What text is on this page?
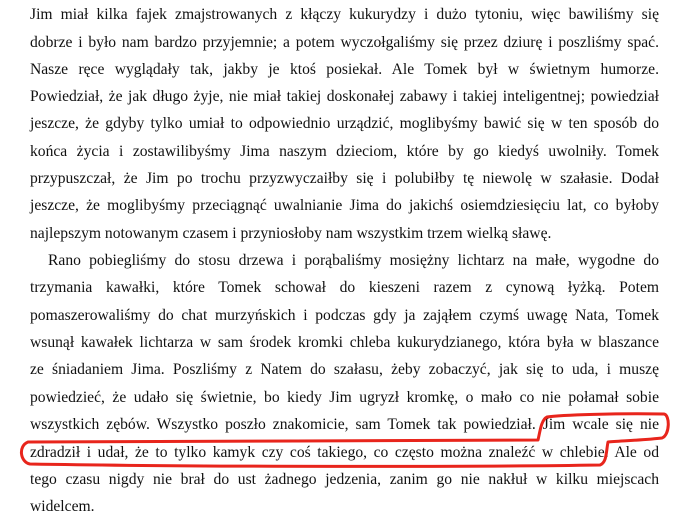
Jim miał kilka fajek zmajstrowanych z kłączy kukurydzy i dużo tytoniu, więc bawiliśmy się
dobrze i było nam bardzo przyjemnie; a potem wyczołgaliśmy się przez dziurę i poszliśmy spać.
Nasze ręce wyglądały tak, jakby je ktoś posiekał. Ale Tomek był w świetnym humorze.
Powiedział, że jak długo żyje, nie miał takiej doskonałej zabawy i takiej inteligentnej; powiedział
jeszcze, że gdyby tylko umiał to odpowiednio urządzić, moglibyśmy bawić się w ten sposób do
końca życia i zostawilibyśmy Jima naszym dzieciom, które by go kiedyś uwolniły. Tomek
przypuszczał, że Jim po trochu przyzwyczaiłby się i polubiłby tę niewolę w szałasie. Dodał
jeszcze, że moglibyśmy przeciągnąć uwalnianie Jima do jakichś osiemdziesięciu lat, co byłoby
najlepszym notowanym czasem i przyniosłoby nam wszystkim trzem wielką sławę.
Rano pobiegliśmy do stosu drzewa i porąbaliśmy mosiężny lichtarz na małe, wygodne do
trzymania kawałki, które Tomek schował do kieszeni razem z cynową łyżką. Potem
pomaszerowaliśmy do chat murzyńskich i podczas gdy ja zająłem czymś uwagę Nata, Tomek
wsunął kawałek lichtarza w sam środek kromki chleba kukurydzianego, która była w blaszance
ze śniadaniem Jima. Poszliśmy z Natem do szałasu, żeby zobaczyć, jak się to uda, i muszę
powiedzieć, że udało się świetnie, bo kiedy Jim ugryzł kromkę, o mało co nie połamał sobie
wszystkich zębów. Wszystko poszło znakomicie, sam Tomek tak powiedział. Jim wcale się nie
zdradził i udał, że to tylko kamyk czy coś takiego, co często można znaleźć w chlebie. Ale od
tego czasu nigdy nie brał do ust żadnego jedzenia, zanim go nie nakłuł w kilku miejscach
widelcem.
